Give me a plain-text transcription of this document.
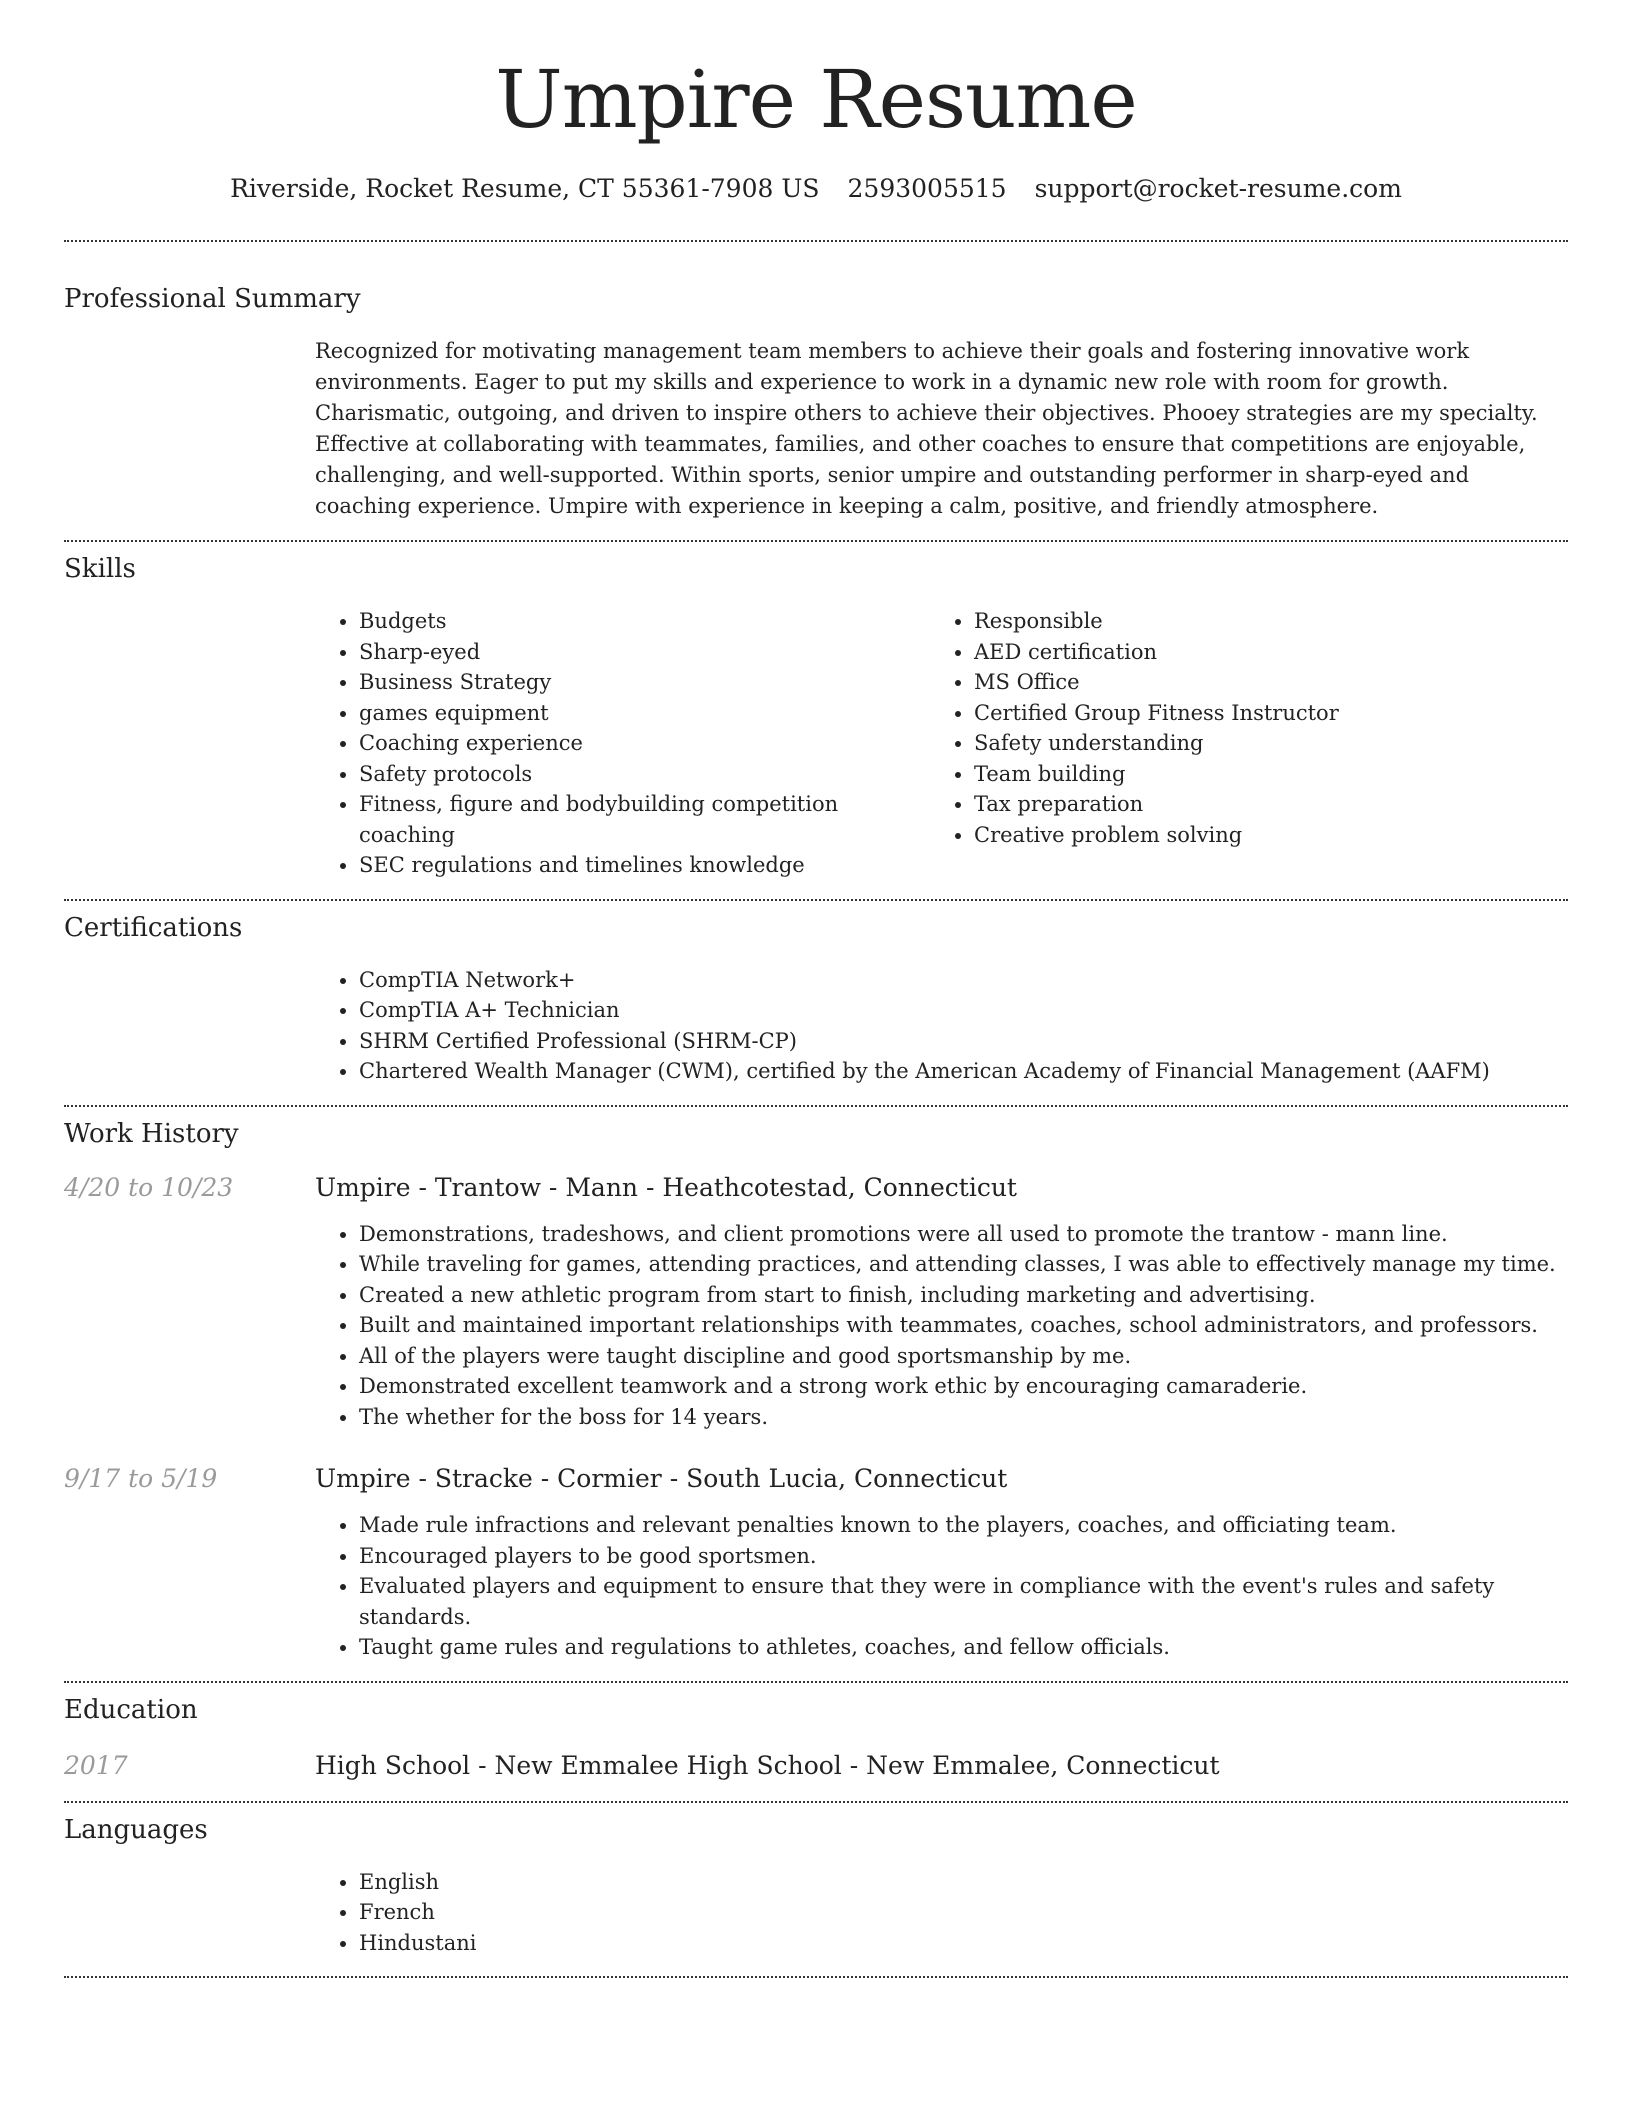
Umpire Resume
Riverside, Rocket Resume, CT 55361-7908 US 2593005515 support@rocket-resume.com
Professional Summary

Recognized for motivating management team members to achieve their goals and fostering innovative work environments. Eager to put my skills and experience to work in a dynamic new role with room for growth. Charismatic, outgoing, and driven to inspire others to achieve their objectives. Phooey strategies are my specialty. Effective at collaborating with teammates, families, and other coaches to ensure that competitions are enjoyable, challenging, and well-supported. Within sports, senior umpire and outstanding performer in sharp-eyed and coaching experience. Umpire with experience in keeping a calm, positive, and friendly atmosphere.

Skills
• Budgets
• Sharp-eyed
• Business Strategy
• games equipment
• Coaching experience
• Safety protocols
• Fitness, figure and bodybuilding competition coaching
• SEC regulations and timelines knowledge
• Responsible
• AED certification
• MS Office
• Certified Group Fitness Instructor
• Safety understanding
• Team building
• Tax preparation
• Creative problem solving
Certifications
• CompTIA Network+
• CompTIA A+ Technician
• SHRM Certified Professional (SHRM-CP)
• Chartered Wealth Manager (CWM), certified by the American Academy of Financial Management (AAFM)
Work History
4/20 to 10/23	Umpire - Trantow - Mann - Heathcotestad, Connecticut
• Demonstrations, tradeshows, and client promotions were all used to promote the trantow - mann line.
• While traveling for games, attending practices, and attending classes, I was able to effectively manage my time.
• Created a new athletic program from start to finish, including marketing and advertising.
• Built and maintained important relationships with teammates, coaches, school administrators, and professors.
• All of the players were taught discipline and good sportsmanship by me.
• Demonstrated excellent teamwork and a strong work ethic by encouraging camaraderie.
• The whether for the boss for 14 years.
9/17 to 5/19	Umpire - Stracke - Cormier - South Lucia, Connecticut
• Made rule infractions and relevant penalties known to the players, coaches, and officiating team.
• Encouraged players to be good sportsmen.
• Evaluated players and equipment to ensure that they were in compliance with the event's rules and safety standards.
• Taught game rules and regulations to athletes, coaches, and fellow officials.
Education
2017	High School - New Emmalee High School - New Emmalee, Connecticut
Languages
• English
• French
• Hindustani
